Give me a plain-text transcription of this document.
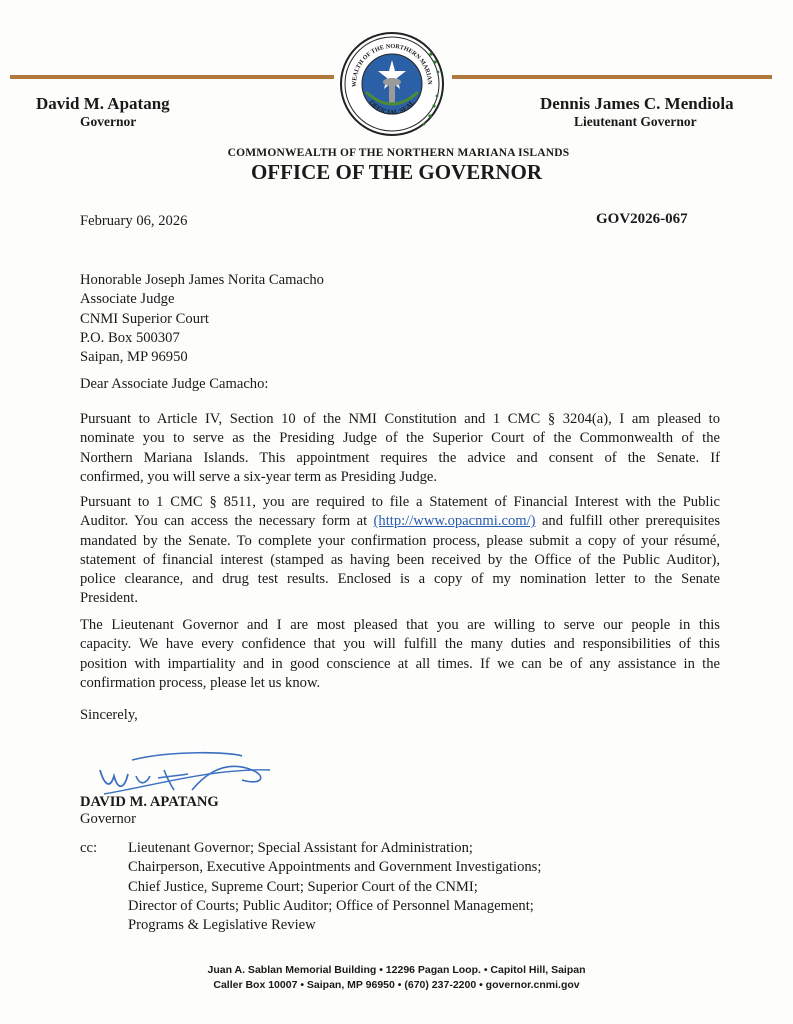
David M. Apatang
Governor
Dennis James C. Mendiola
Lieutenant Governor
WEALTH OF THE NORTHERN MARIAN
OFFICIAL SEAL
COMMONWEALTH OF THE NORTHERN MARIANA ISLANDS
OFFICE OF THE GOVERNOR
February 06, 2026	GOV2026-067
Honorable Joseph James Norita Camacho
Associate Judge
CNMI Superior Court
P.O. Box 500307
Saipan, MP 96950
Dear Associate Judge Camacho:
Pursuant to Article IV, Section 10 of the NMI Constitution and 1 CMC § 3204(a), I am pleased to
nominate you to serve as the Presiding Judge of the Superior Court of the Commonwealth of the
Northern Mariana Islands. This appointment requires the advice and consent of the Senate. If
confirmed, you will serve a six-year term as Presiding Judge.
Pursuant to 1 CMC § 8511, you are required to file a Statement of Financial Interest with the Public
Auditor. You can access the necessary form at (http://www.opacnmi.com/) and fulfill other prerequisites
mandated by the Senate. To complete your confirmation process, please submit a copy of your résumé,
statement of financial interest (stamped as having been received by the Office of the Public Auditor),
police clearance, and drug test results. Enclosed is a copy of my nomination letter to the Senate
President.
The Lieutenant Governor and I are most pleased that you are willing to serve our people in this
capacity. We have every confidence that you will fulfill the many duties and responsibilities of this
position with impartiality and in good conscience at all times. If we can be of any assistance in the
confirmation process, please let us know.
Sincerely,
DAVID M. APATANG
Governor
cc: Lieutenant Governor; Special Assistant for Administration;
Chairperson, Executive Appointments and Government Investigations;
Chief Justice, Supreme Court; Superior Court of the CNMI;
Director of Courts; Public Auditor; Office of Personnel Management;
Programs & Legislative Review
Juan A. Sablan Memorial Building • 12296 Pagan Loop. • Capitol Hill, Saipan
Caller Box 10007 • Saipan, MP 96950 • (670) 237-2200 • governor.cnmi.gov
